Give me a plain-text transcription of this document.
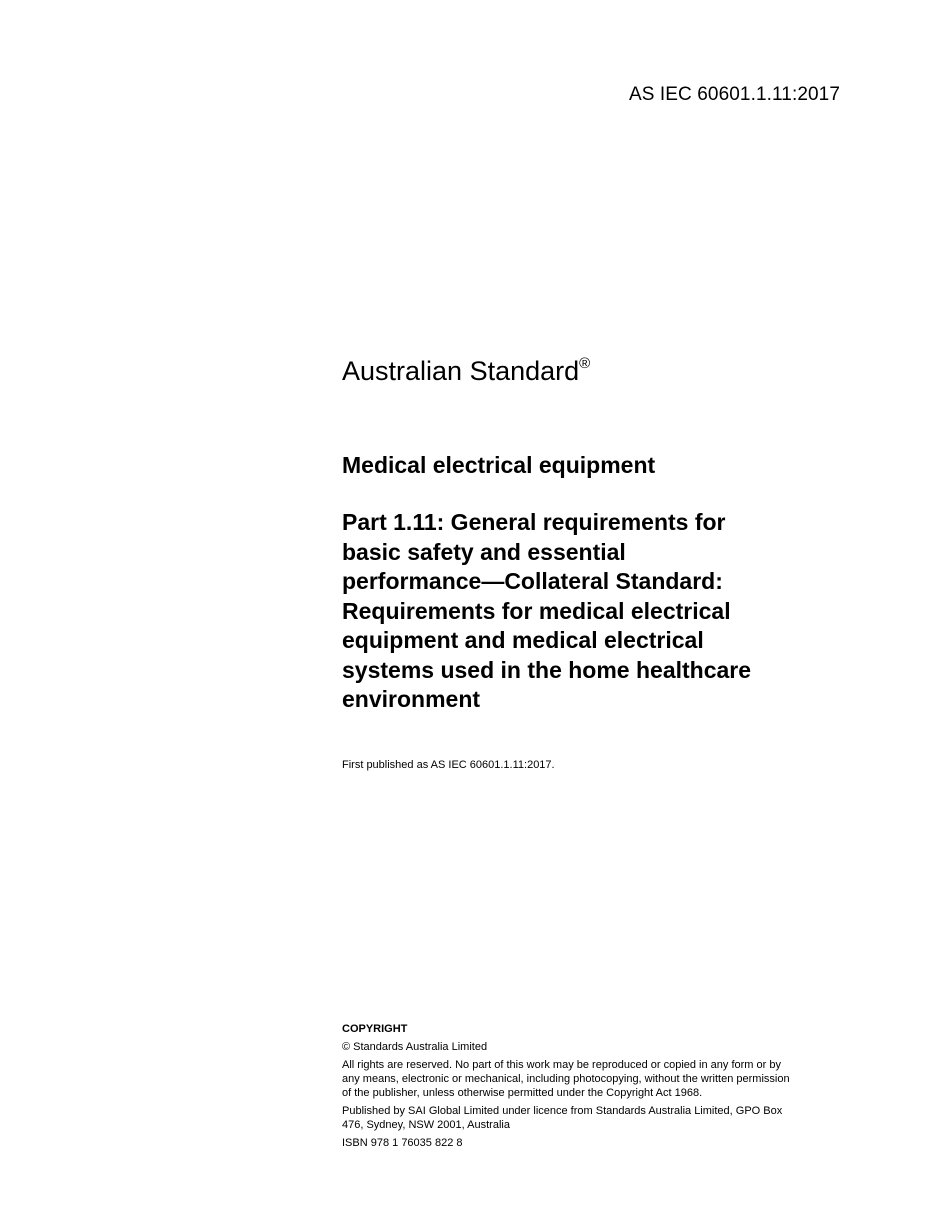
AS IEC 60601.1.11:2017
Australian Standard®
Medical electrical equipment
Part 1.11: General requirements for
basic safety and essential
performance—Collateral Standard:
Requirements for medical electrical
equipment and medical electrical
systems used in the home healthcare
environment
First published as AS IEC 60601.1.11:2017.

COPYRIGHT

© Standards Australia Limited

All rights are reserved. No part of this work may be reproduced or copied in any form or by
any means, electronic or mechanical, including photocopying, without the written permission
of the publisher, unless otherwise permitted under the Copyright Act 1968.

Published by SAI Global Limited under licence from Standards Australia Limited, GPO Box
476, Sydney, NSW 2001, Australia

ISBN 978 1 76035 822 8
